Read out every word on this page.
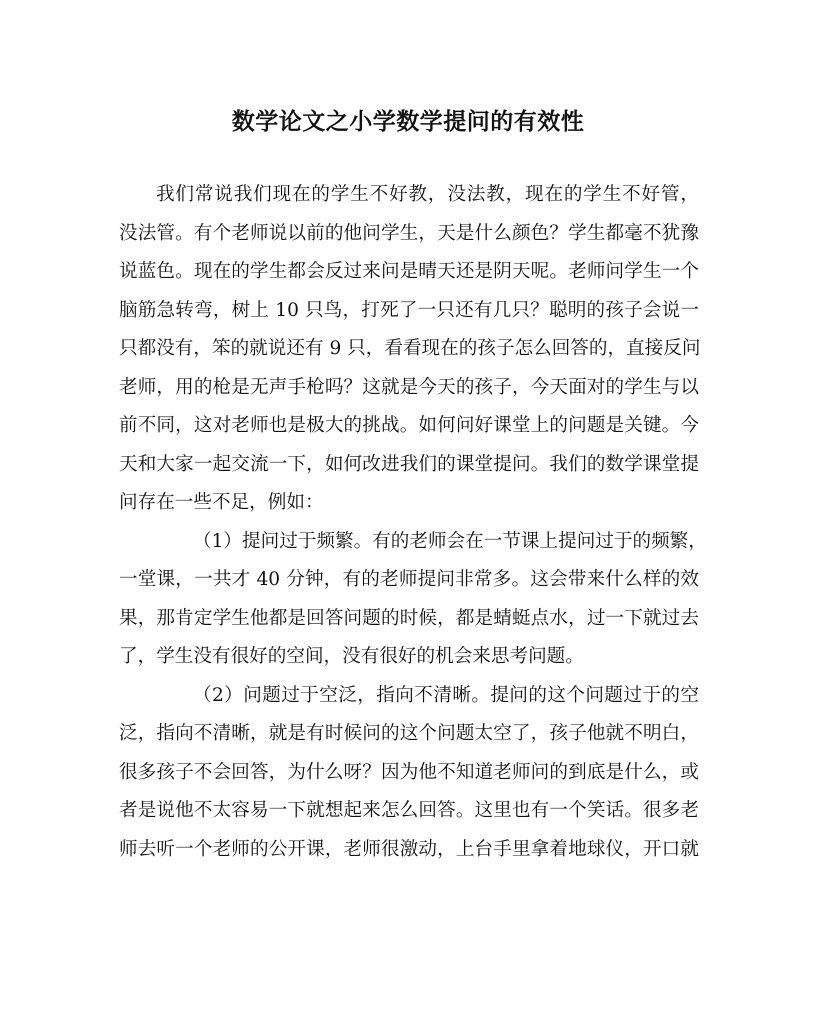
数学论文之小学数学提问的有效性
我们常说我们现在的学生不好教，没法教，现在的学生不好管，
没法管。有个老师说以前的他问学生，天是什么颜色？学生都毫不犹豫
说蓝色。现在的学生都会反过来问是晴天还是阴天呢。老师问学生一个
脑筋急转弯，树上 10 只鸟，打死了一只还有几只？聪明的孩子会说一
只都没有，笨的就说还有 9 只，看看现在的孩子怎么回答的，直接反问
老师，用的枪是无声手枪吗？这就是今天的孩子，今天面对的学生与以
前不同，这对老师也是极大的挑战。如何问好课堂上的问题是关键。今
天和大家一起交流一下，如何改进我们的课堂提问。我们的数学课堂提
问存在一些不足，例如：
（1）提问过于频繁。有的老师会在一节课上提问过于的频繁，
一堂课，一共才 40 分钟，有的老师提问非常多。这会带来什么样的效
果，那肯定学生他都是回答问题的时候，都是蜻蜓点水，过一下就过去
了，学生没有很好的空间，没有很好的机会来思考问题。
（2）问题过于空泛，指向不清晰。提问的这个问题过于的空
泛，指向不清晰，就是有时候问的这个问题太空了，孩子他就不明白，
很多孩子不会回答，为什么呀？因为他不知道老师问的到底是什么，或
者是说他不太容易一下就想起来怎么回答。这里也有一个笑话。很多老
师去听一个老师的公开课，老师很激动，上台手里拿着地球仪，开口就
